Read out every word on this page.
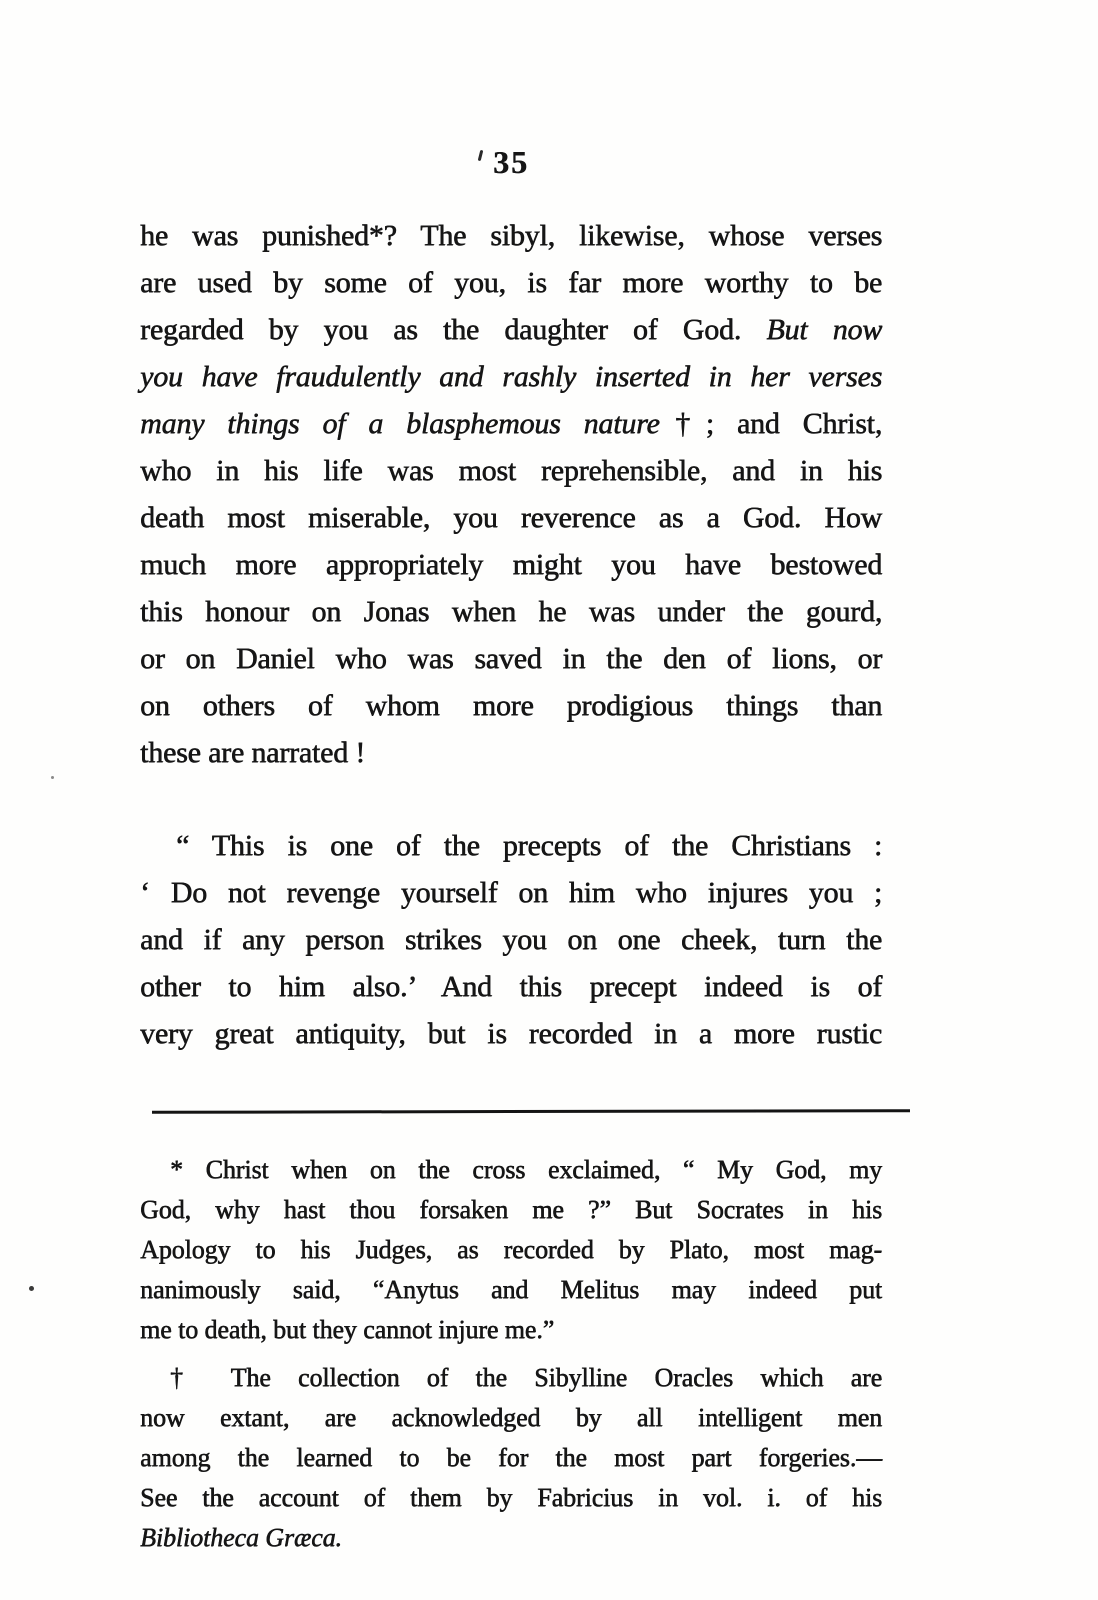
35
he was punished*? The sibyl, likewise, whose verses
are used by some of you, is far more worthy to be
regarded by you as the daughter of God. But now
you have fraudulently and rashly inserted in her verses
many things of a blasphemous nature†; and Christ,
who in his life was most reprehensible, and in his
death most miserable, you reverence as a God. How
much more appropriately might you have bestowed
this honour on Jonas when he was under the gourd,
or on Daniel who was saved in the den of lions, or
on others of whom more prodigious things than
these are narrated !
“ This is one of the precepts of the Christians :
‘ Do not revenge yourself on him who injures you ;
and if any person strikes you on one cheek, turn the
other to him also.’ And this precept indeed is of
very great antiquity, but is recorded in a more rustic
* Christ when on the cross exclaimed, “ My God, my
God, why hast thou forsaken me ?” But Socrates in his
Apology to his Judges, as recorded by Plato, most mag-
nanimously said, “Anytus and Melitus may indeed put
me to death, but they cannot injure me.”
† The collection of the Sibylline Oracles which are
now extant, are acknowledged by all intelligent men
among the learned to be for the most part forgeries.—
See the account of them by Fabricius in vol. i. of his
Bibliotheca Græca.
